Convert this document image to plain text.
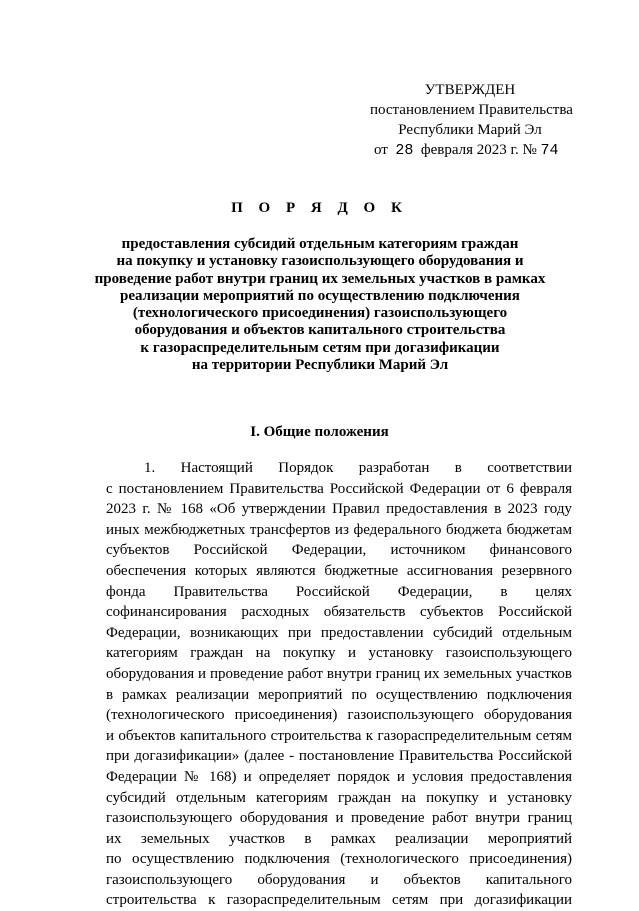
УТВЕРЖДЕН
постановлением Правительства
Республики Марий Эл
от 28 февраля 2023 г. № 74
П О Р Я Д О К
предоставления субсидий отдельным категориям граждан
на покупку и установку газоиспользующего оборудования и
проведение работ внутри границ их земельных участков в рамках
реализации мероприятий по осуществлению подключения
(технологического присоединения) газоиспользующего
оборудования и объектов капитального строительства
к газораспределительным сетям при догазификации
на территории Республики Марий Эл
I. Общие положения
1. Настоящий Порядок разработан в соответствии
с постановлением Правительства Российской Федерации от 6 февраля
2023 г. № 168 «Об утверждении Правил предоставления в 2023 году
иных межбюджетных трансфертов из федерального бюджета бюджетам
субъектов Российской Федерации, источником финансового
обеспечения которых являются бюджетные ассигнования резервного
фонда Правительства Российской Федерации, в целях
софинансирования расходных обязательств субъектов Российской
Федерации, возникающих при предоставлении субсидий отдельным
категориям граждан на покупку и установку газоиспользующего
оборудования и проведение работ внутри границ их земельных участков
в рамках реализации мероприятий по осуществлению подключения
(технологического присоединения) газоиспользующего оборудования
и объектов капитального строительства к газораспределительным сетям
при догазификации» (далее - постановление Правительства Российской
Федерации № 168) и определяет порядок и условия предоставления
субсидий отдельным категориям граждан на покупку и установку
газоиспользующего оборудования и проведение работ внутри границ
их земельных участков в рамках реализации мероприятий
по осуществлению подключения (технологического присоединения)
газоиспользующего оборудования и объектов капитального
строительства к газораспределительным сетям при догазификации
